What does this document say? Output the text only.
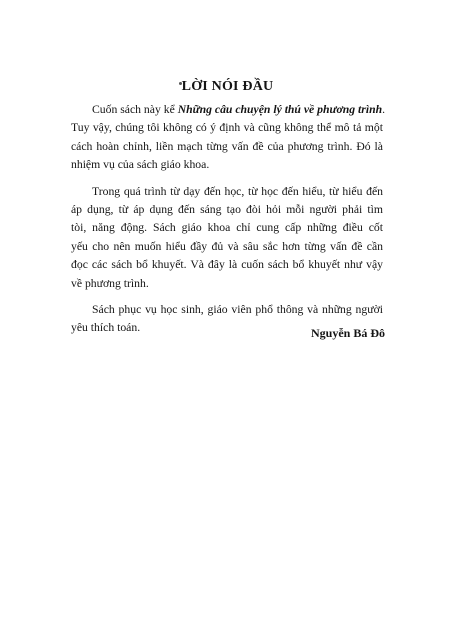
LỜI NÓI ĐẦU
Cuốn sách này kể Những câu chuyện lý thú về phương trình.
Tuy vậy, chúng tôi không có ý định và cũng không thể mô tả một
cách hoàn chỉnh, liền mạch từng vấn đề của phương trình. Đó là
nhiệm vụ của sách giáo khoa.
Trong quá trình từ dạy đến học, từ học đến hiểu, từ hiểu đến
áp dụng, từ áp dụng đến sáng tạo đòi hỏi mỗi người phải tìm
tòi, năng động. Sách giáo khoa chỉ cung cấp những điều cốt
yếu cho nên muốn hiểu đầy đủ và sâu sắc hơn từng vấn đề cần
đọc các sách bổ khuyết. Và đây là cuốn sách bổ khuyết như vậy
về phương trình.
Sách phục vụ học sinh, giáo viên phổ thông và những người
yêu thích toán.	Nguyễn Bá Đô
